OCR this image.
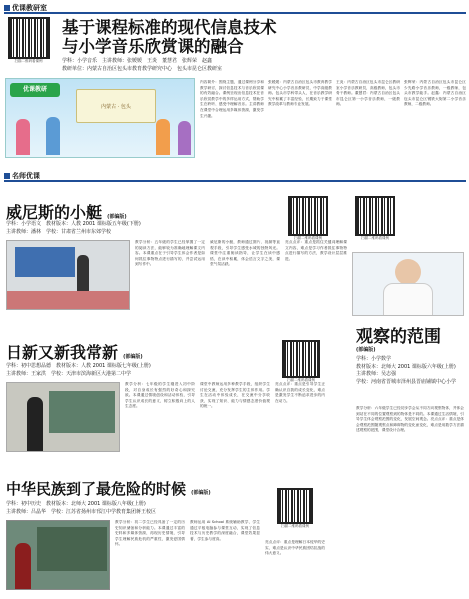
优课教研室
扫描二维码看课例
基于课程标准的现代信息技术
与小学音乐欣赏课的融合
学科：小学音乐　主讲教师：张媛媛　王炎　董慧君　张辉荣　赵鑫
教研单位：内蒙古自治区包头市教育教学研究中心　包头市昆仑区教研室
优课教研
内蒙古 · 包头
内容简介：围绕主题，通过课例分享和教学研讨，探讨信息技术与音乐欣赏课的有效融合。课例呈现出信息技术在音乐欣赏教学中的多样运用方式，帮助学生在聆听、感受中理解音乐。主讲教师在课堂中合理运用多媒体资源，激发学生兴趣。
张媛媛：内蒙古自治区包头市教育教学研究中心小学音乐教研员，中学高级教师。包头市学科带头人，在音乐教学研究中积累了丰富经验，长期致力于课堂教学改革与教师专业发展。
王炎：内蒙古自治区包头市昆仑区教研室小学音乐教研员，高级教师，包头市骨干教师。董慧君：内蒙古自治区包头市昆仑区第一小学音乐教师，一级教师。
张辉荣：内蒙古自治区包头市昆仑区少先路小学音乐教师，一级教师，包头市教学能手。赵鑫：内蒙古自治区包头市昆仑区钢铁大街第二小学音乐教师，二级教师。
名师优课
威尼斯的小艇 (部编版)
学科：小学语文　教材版本：人教 2001 课标版五年级(下册)
主讲教师：潘林　学校：甘肃省兰州市东郊学校
扫描二维码看课例
教学分析：五年级的学生已经掌握了一定的阅读方法，能够较为准确地理解课文内容。本课重点在于引导学生体会作者是如何抓住事物特点进行描写的，并尝试运用到写作中。
威尼斯的小艇，教师通过图片、视频等直观手段，引导学生感受水城的独特风光。课堂中注重朗读指导，让学生在读中感悟，在读中积累，体会语言文字之美，课堂气氛活跃。
亮点点评：重点是抓住关键词理解课文内容，难点是学习作者抓住事物特点进行描写的方法，教学设计层层推进。
日新又新我常新 (部编版)
学科：初中思想品德　教材版本：人教 2001 课标版七年级(上册)
主讲教师：王家洪　学校：天津市滨海新区大港第二中学
教学分析：七年级的学生刚进入初中阶段，对自身成长有强烈的好奇心和探究欲。本课通过情境创设和活动体验，引导学生认识成长的意义，树立积极向上的人生态度。
课堂中教师运用多种教学手段，组织学生讨论交流，充分发挥学生的主体作用。学生在活动中体验成长，在交流中分享收获，实现了知识、能力与情感态度价值观的统一。
亮点点评：重点是引导学生正确认识自我的成长变化，难点是激发学生不断追求进步的内在动力。
扫描二维码看课例
中华民族到了最危险的时候 (部编版)
学科：初中历史　教材版本：北师大 2001 课标版八年级(上册)
主讲教师：吕晶华　学校：江苏省扬州市邗江中学教育集团蒋王校区
教学分析：初二学生已经具备了一定的历史知识储备和分析能力。本课通过丰富的史料和多媒体资源，再现历史情境，引导学生理解民族危机的严重性，激发爱国情怀。
教师运用 AI School 系统辅助教学，学生通过平板电脑参与课堂互动，实现了信息技术与历史教学的深度融合，课堂效果显著，学生参与度高。
亮点点评：重点是理解日本侵华的史实，难点是认识中华民族团结抗战的伟大意义。
扫描二维码看课例
扫描二维码看课例
观察的范围
(部编版)
学科：小学数学
教材版本：北师大 2001 课标版六年级(上册)
主讲教师：吴志强
学校：河南省晋城市泽州县晋庙铺镇中心小学
教学分析：六年级学生已经初步学会从不同方向观察物体，并体会到站在不同的位置观察到的物体是不同的。本课通过生活情境，引导学生体会观察范围的变化，发展空间观念。亮点点评：重点是体会观察范围随观察点和障碍物的变化而变化，难点是用数学方法描述观察的范围，课堂设计合理。
